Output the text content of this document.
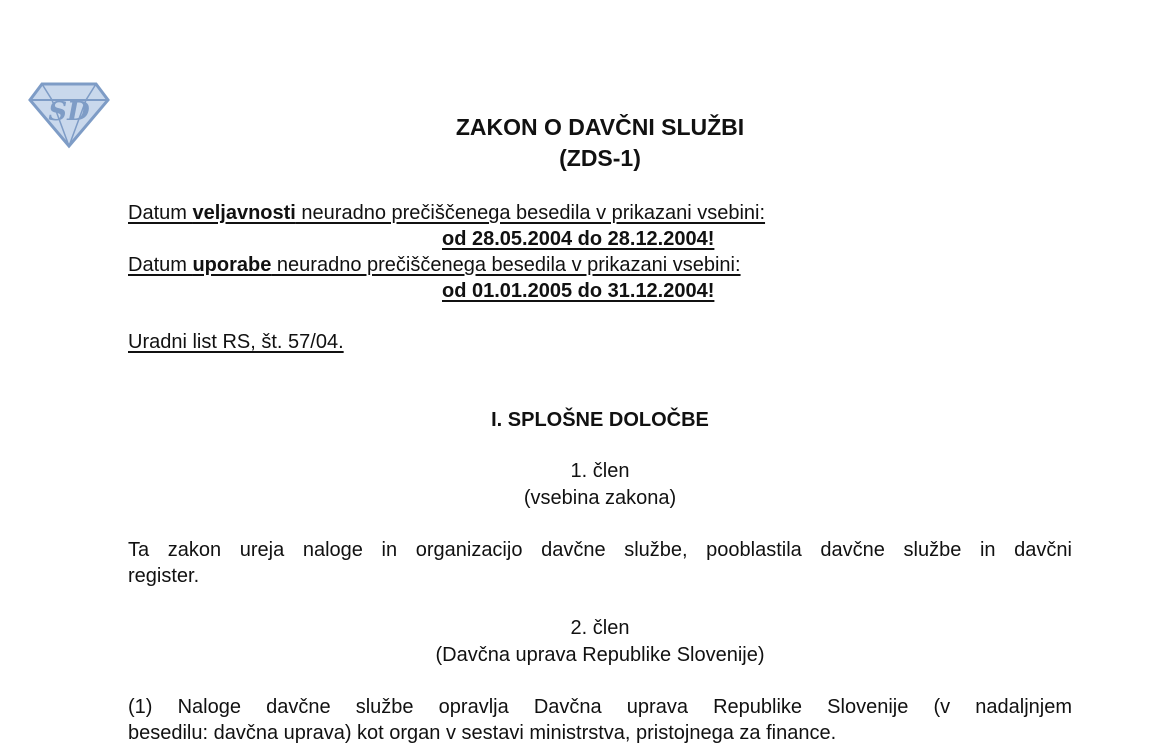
SD	ZAKON O DAVČNI SLUŽBI
(ZDS-1)
Datum veljavnosti neuradno prečiščenega besedila v prikazani vsebini:
od 28.05.2004 do 28.12.2004!
Datum uporabe neuradno prečiščenega besedila v prikazani vsebini:
od 01.01.2005 do 31.12.2004!
Uradni list RS, št. 57/04.
I. SPLOŠNE DOLOČBE
1. člen
(vsebina zakona)
Ta zakon ureja naloge in organizacijo davčne službe, pooblastila davčne službe in davčni
register.
2. člen
(Davčna uprava Republike Slovenije)
(1) Naloge davčne službe opravlja Davčna uprava Republike Slovenije (v nadaljnjem
besedilu: davčna uprava) kot organ v sestavi ministrstva, pristojnega za finance.
